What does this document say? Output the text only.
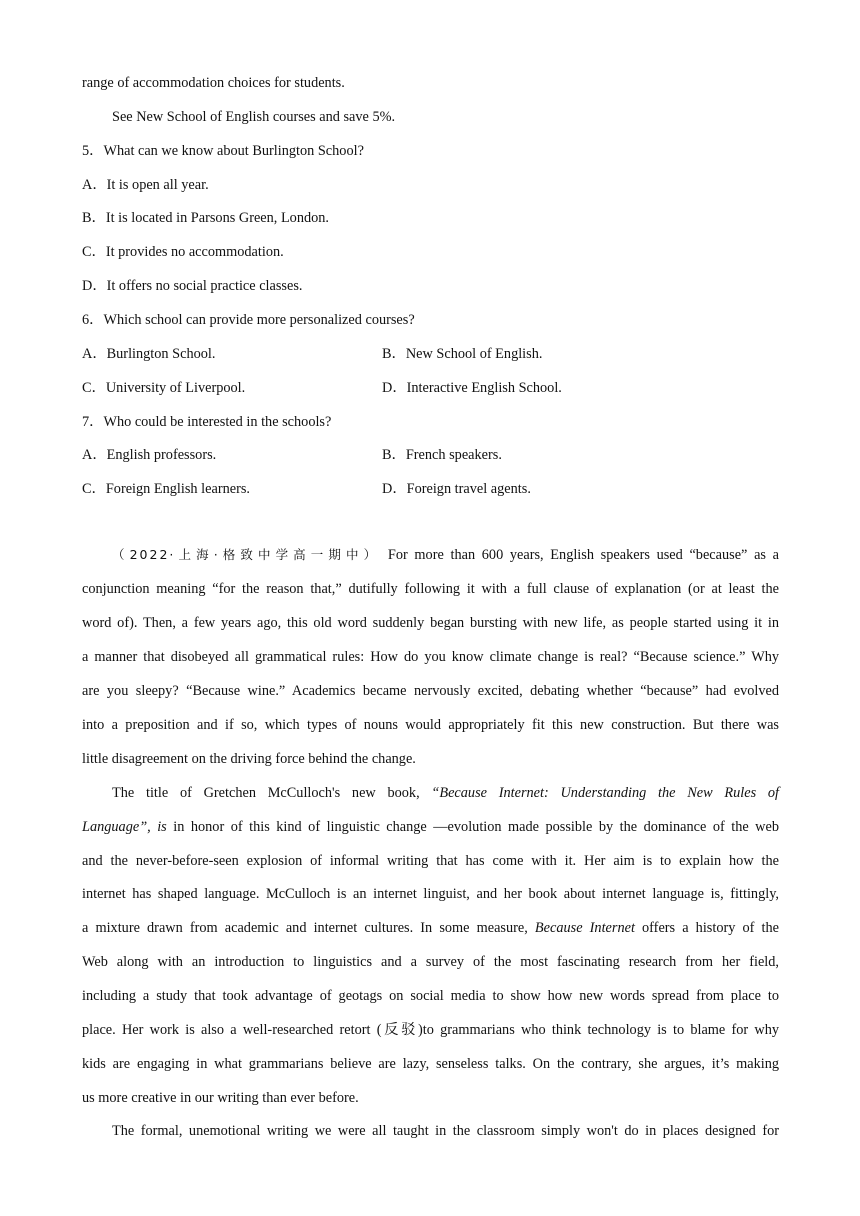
range of accommodation choices for students.
See New School of English courses and save 5%.
5．What can we know about Burlington School?
A．It is open all year.
B．It is located in Parsons Green, London.
C．It provides no accommodation.
D．It offers no social practice classes.
6．Which school can provide more personalized courses?
A．Burlington School.	B．New School of English.
C．University of Liverpool.	D．Interactive English School.
7．Who could be interested in the schools?
A．English professors.	B．French speakers.
C．Foreign English learners.	D．Foreign travel agents.
（2022·上海·格致中学高一期中） For more than 600 years, English speakers used “because” as a
conjunction meaning “for the reason that,” dutifully following it with a full clause of explanation (or at least the
word of). Then, a few years ago, this old word suddenly began bursting with new life, as people started using it in
a manner that disobeyed all grammatical rules: How do you know climate change is real? “Because science.” Why
are you sleepy? “Because wine.” Academics became nervously excited, debating whether “because” had evolved
into a preposition and if so, which types of nouns would appropriately fit this new construction. But there was
little disagreement on the driving force behind the change.
The title of Gretchen McCulloch's new book, “Because Internet: Understanding the New Rules of
Language”, is in honor of this kind of linguistic change —evolution made possible by the dominance of the web
and the never-before-seen explosion of informal writing that has come with it. Her aim is to explain how the
internet has shaped language. McCulloch is an internet linguist, and her book about internet language is, fittingly,
a mixture drawn from academic and internet cultures. In some measure, Because Internet offers a history of the
Web along with an introduction to linguistics and a survey of the most fascinating research from her field,
including a study that took advantage of geotags on social media to show how new words spread from place to
place. Her work is also a well-researched retort (反驳)to grammarians who think technology is to blame for why
kids are engaging in what grammarians believe are lazy, senseless talks. On the contrary, she argues, it’s making
us more creative in our writing than ever before.
The formal, unemotional writing we were all taught in the classroom simply won't do in places designed for
